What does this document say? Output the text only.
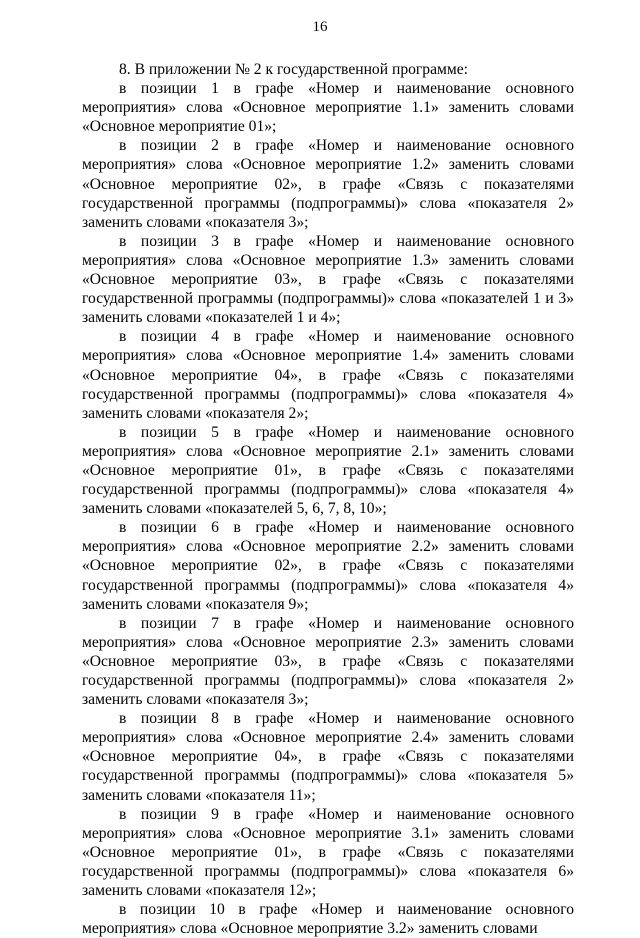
16

8. В приложении № 2 к государственной программе:

в позиции 1 в графе «Номер и наименование основного мероприятия» слова «Основное мероприятие 1.1» заменить словами «Основное мероприятие 01»;

в позиции 2 в графе «Номер и наименование основного мероприятия» слова «Основное мероприятие 1.2» заменить словами «Основное мероприятие 02», в графе «Связь с показателями государственной программы (подпрограммы)» слова «показателя 2» заменить словами «показателя 3»;

в позиции 3 в графе «Номер и наименование основного мероприятия» слова «Основное мероприятие 1.3» заменить словами «Основное мероприятие 03», в графе «Связь с показателями государственной программы (подпрограммы)» слова «показателей 1 и 3» заменить словами «показателей 1 и 4»;

в позиции 4 в графе «Номер и наименование основного мероприятия» слова «Основное мероприятие 1.4» заменить словами «Основное мероприятие 04», в графе «Связь с показателями государственной программы (подпрограммы)» слова «показателя 4» заменить словами «показателя 2»;

в позиции 5 в графе «Номер и наименование основного мероприятия» слова «Основное мероприятие 2.1» заменить словами «Основное мероприятие 01», в графе «Связь с показателями государственной программы (подпрограммы)» слова «показателя 4» заменить словами «показателей 5, 6, 7, 8, 10»;

в позиции 6 в графе «Номер и наименование основного мероприятия» слова «Основное мероприятие 2.2» заменить словами «Основное мероприятие 02», в графе «Связь с показателями государственной программы (подпрограммы)» слова «показателя 4» заменить словами «показателя 9»;

в позиции 7 в графе «Номер и наименование основного мероприятия» слова «Основное мероприятие 2.3» заменить словами «Основное мероприятие 03», в графе «Связь с показателями государственной программы (подпрограммы)» слова «показателя 2» заменить словами «показателя 3»;

в позиции 8 в графе «Номер и наименование основного мероприятия» слова «Основное мероприятие 2.4» заменить словами «Основное мероприятие 04», в графе «Связь с показателями государственной программы (подпрограммы)» слова «показателя 5» заменить словами «показателя 11»;

в позиции 9 в графе «Номер и наименование основного мероприятия» слова «Основное мероприятие 3.1» заменить словами «Основное мероприятие 01», в графе «Связь с показателями государственной программы (подпрограммы)» слова «показателя 6» заменить словами «показателя 12»;

в позиции 10 в графе «Номер и наименование основного мероприятия» слова «Основное мероприятие 3.2» заменить словами
